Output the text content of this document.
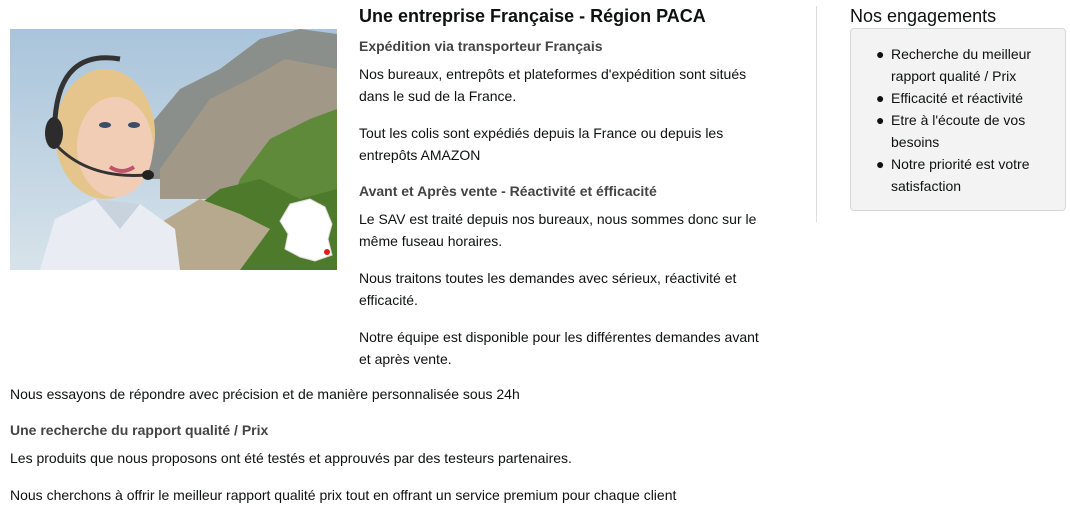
Une entreprise Française - Région PACA

Expédition via transporteur Français

Nos bureaux, entrepôts et plateformes d'expédition sont situés
dans le sud de la France.

Tout les colis sont expédiés depuis la France ou depuis les
entrepôts AMAZON

Avant et Après vente - Réactivité et éfficacité

Le SAV est traité depuis nos bureaux, nous sommes donc sur le
même fuseau horaires.

Nous traitons toutes les demandes avec sérieux, réactivité et
efficacité.

Notre équipe est disponible pour les différentes demandes avant
et après vente.

Nos engagements
● Recherche du meilleur
rapport qualité / Prix
● Efficacité et réactivité
● Etre à l'écoute de vos
besoins
● Notre priorité est votre
satisfaction

Nous essayons de répondre avec précision et de manière personnalisée sous 24h

Une recherche du rapport qualité / Prix

Les produits que nous proposons ont été testés et approuvés par des testeurs partenaires.

Nous cherchons à offrir le meilleur rapport qualité prix tout en offrant un service premium pour chaque client
